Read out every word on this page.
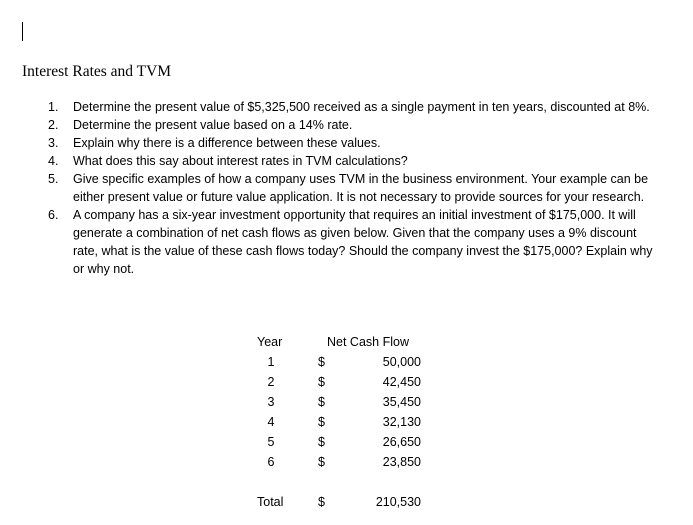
Interest Rates and TVM
1. Determine the present value of $5,325,500 received as a single payment in ten years, discounted at 8%.
2. Determine the present value based on a 14% rate.
3. Explain why there is a difference between these values.
4. What does this say about interest rates in TVM calculations?
5. Give specific examples of how a company uses TVM in the business environment. Your example can be either present value or future value application. It is not necessary to provide sources for your research.
6. A company has a six-year investment opportunity that requires an initial investment of $175,000. It will generate a combination of net cash flows as given below. Given that the company uses a 9% discount rate, what is the value of these cash flows today? Should the company invest the $175,000? Explain why or why not.
Year	Net Cash Flow
1	$	50,000
2	$	42,450
3	$	35,450
4	$	32,130
5	$	26,650
6	$	23,850
Total	$	210,530
